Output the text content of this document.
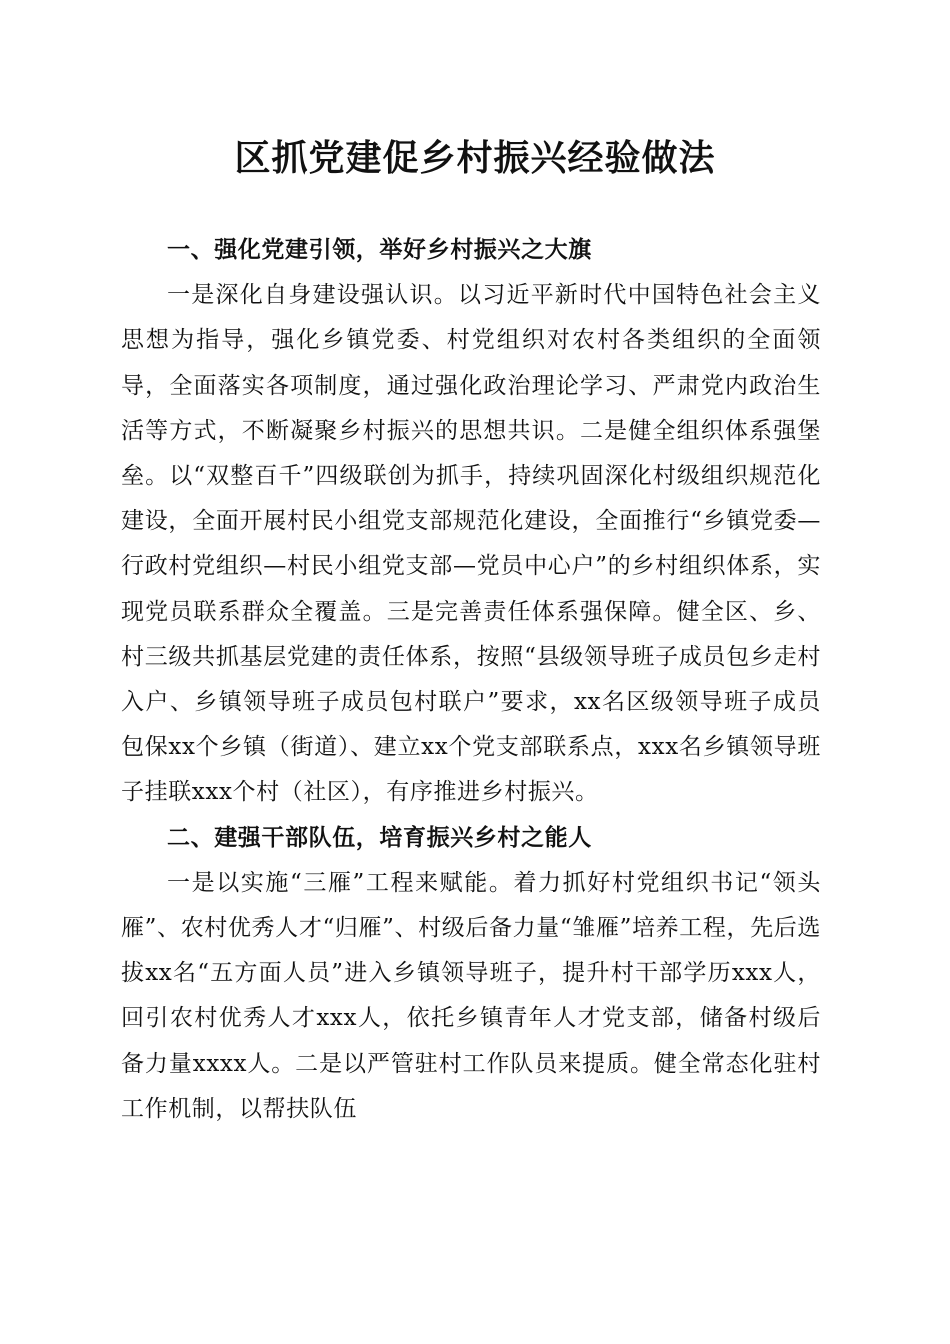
区抓党建促乡村振兴经验做法
一、强化党建引领，举好乡村振兴之大旗

一是深化自身建设强认识。以习近平新时代中国特色社会主义思想为指导，强化乡镇党委、村党组织对农村各类组织的全面领导，全面落实各项制度，通过强化政治理论学习、严肃党内政治生活等方式，不断凝聚乡村振兴的思想共识。二是健全组织体系强堡垒。以“双整百千”四级联创为抓手，持续巩固深化村级组织规范化建设，全面开展村民小组党支部规范化建设，全面推行“乡镇党委—行政村党组织—村民小组党支部—党员中心户”的乡村组织体系，实现党员联系群众全覆盖。三是完善责任体系强保障。健全区、乡、村三级共抓基层党建的责任体系，按照“县级领导班子成员包乡走村入户、乡镇领导班子成员包村联户”要求，xx名区级领导班子成员包保xx个乡镇（街道）、建立xx个党支部联系点，xxx名乡镇领导班子挂联xxx个村（社区），有序推进乡村振兴。

二、建强干部队伍，培育振兴乡村之能人

一是以实施“三雁”工程来赋能。着力抓好村党组织书记“领头雁”、农村优秀人才“归雁”、村级后备力量“雏雁”培养工程，先后选拔xx名“五方面人员”进入乡镇领导班子，提升村干部学历xxx人，回引农村优秀人才xxx人，依托乡镇青年人才党支部，储备村级后备力量xxxx人。二是以严管驻村工作队员来提质。健全常态化驻村工作机制，以帮扶队伍
